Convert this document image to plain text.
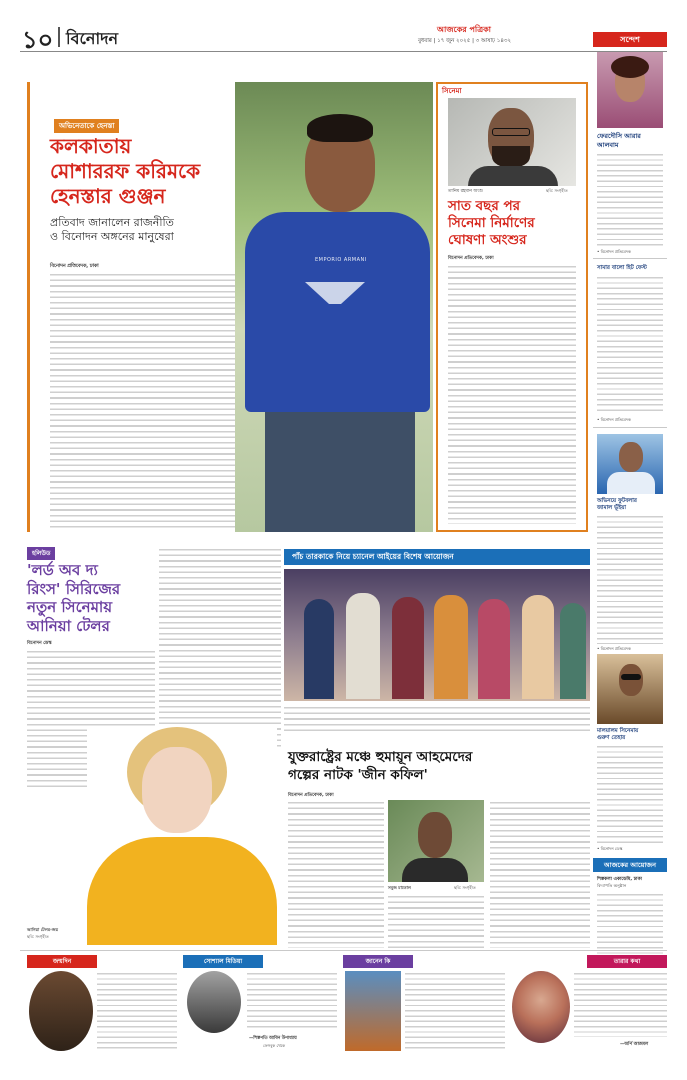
১০ বিনোদন	আজকের পত্রিকা
বুধবার | ১৭ জুন ২০২৫ | ৩ আষাঢ় ১৪৩২
অভিনেতাকে হেনস্তা
কলকাতায়
মোশাররফ করিমকে
হেনস্তার গুঞ্জন
প্রতিবাদ জানালেন রাজনীতি
ও বিনোদন অঙ্গনের মানুষেরা
বিনোদন প্রতিবেদক, ঢাকা
EMPORIO ARMANI
সিনেমা
তানিম রহমান অংশু	ছবি: সংগৃহীত
সাত বছর পর
সিনেমা নির্মাণের
ঘোষণা অংশুর
বিনোদন প্রতিবেদক, ঢাকা
সন্দেশ
ফেরদৌসি আরার
আলবাম
• বিনোদন প্রতিবেদক
সামার বালো হিট ফেস্ট
• বিনোদন প্রতিবেদক
অভিনয়ে ফুটবলার
জামাল ভূঁইয়া
• বিনোদন প্রতিবেদক
মালয়ালম সিনেমায়
গুরুণ তেহার
• বিনোদন ডেস্ক
আজকের আয়োজন
শিল্পকলা একাডেমি, ঢাকা
বিদ্যাপতি অনুষ্ঠান
হলিউড
'লর্ড অব দ্য
রিংস' সিরিজের
নতুন সিনেমায়
আনিয়া টেলর
বিনোদন ডেস্ক
আনিয়া টেলর-জয়
ছবি: সংগৃহীত
পাঁচ তারকাকে নিয়ে চ্যানেল আইয়ের বিশেষ আয়োজন
যুক্তরাষ্ট্রের মঞ্চে হুমায়ূন আহমেদের
গল্পের নাটক 'জীন কফিল'
বিনোদন প্রতিবেদক, ঢাকা
সবুজ মাতোল	ছবি: সংগৃহীত
জন্মদিন	সোশ্যাল মিডিয়া
—শিল্পপতি আবিন উপাধ্যায়
ফেসবুক থেকে
জানেন কি	তারার কথা
—অর্পি আজমল
